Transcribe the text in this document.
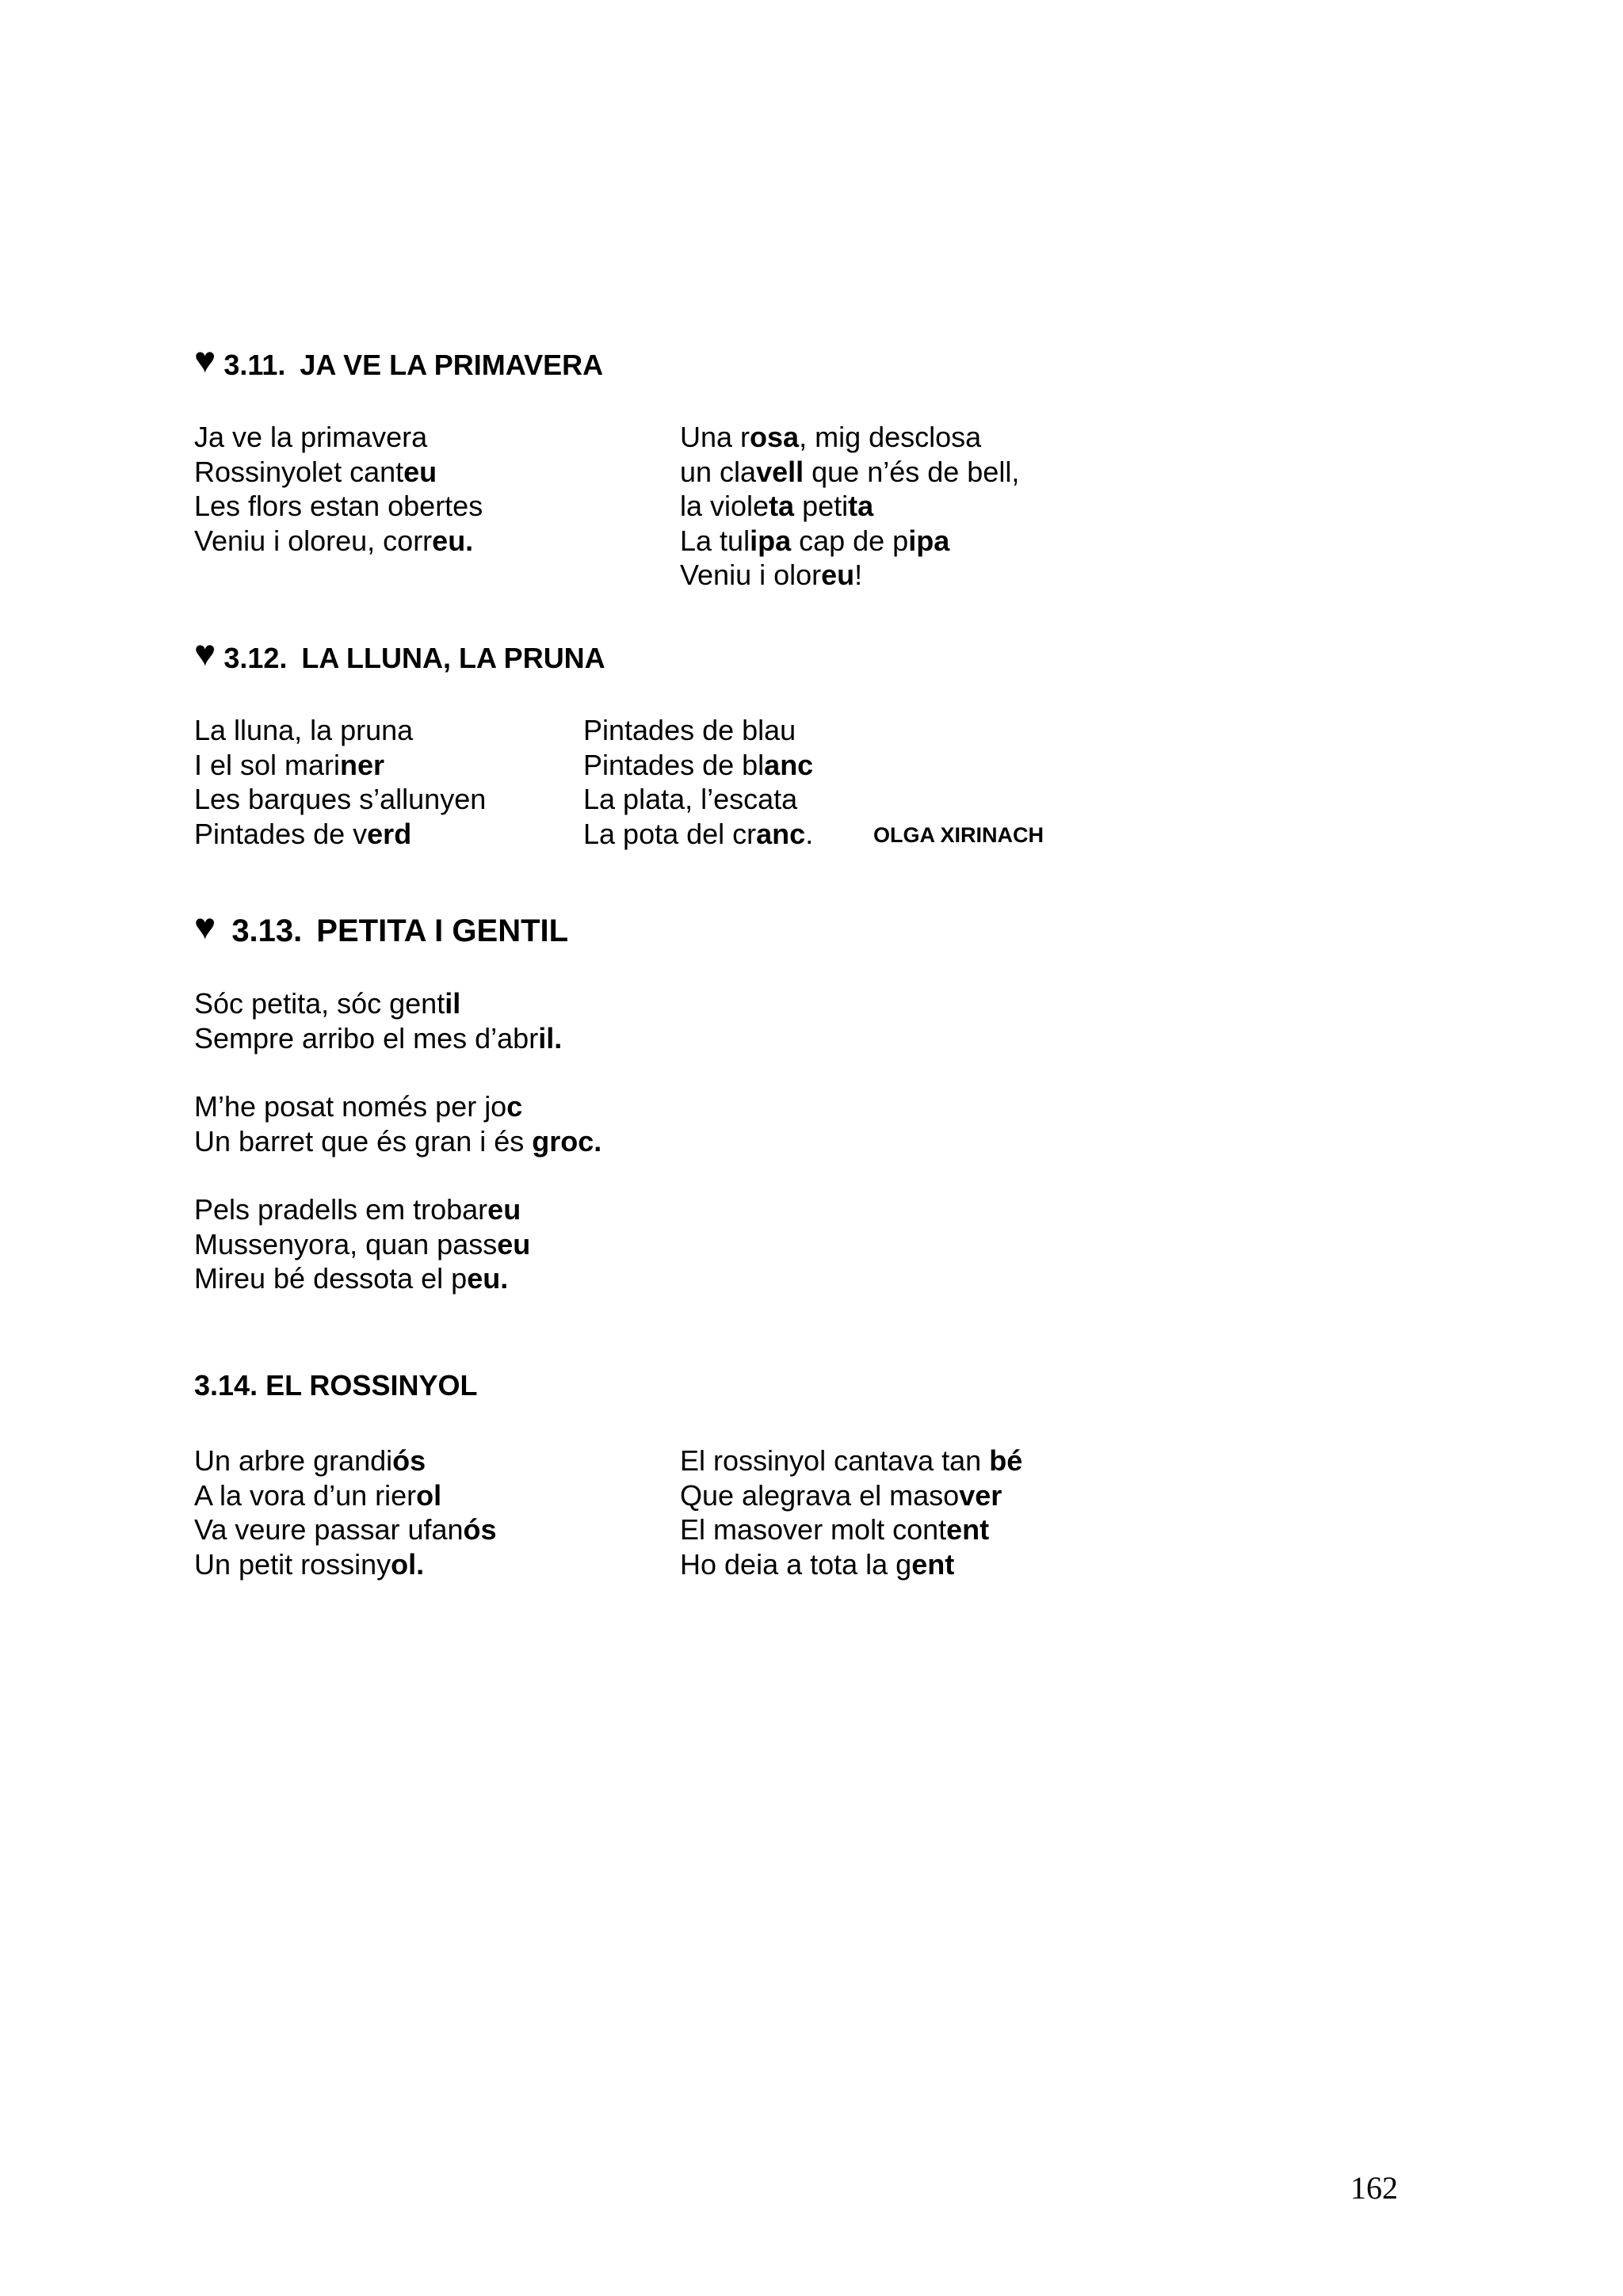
♥ 3.11. JA VE LA PRIMAVERA
Ja ve la primavera
Rossinyolet canteu
Les flors estan obertes
Veniu i oloreu, correu.
Una rosa, mig desclosa
un clavell que n’és de bell,
la violeta petita
La tulipa cap de pipa
Veniu i oloreu!
♥ 3.12. LA LLUNA, LA PRUNA
La lluna, la pruna
I el sol mariner
Les barques s’allunyen
Pintades de verd
Pintades de blau
Pintades de blanc
La plata, l’escata
La pota del cranc.	OLGA XIRINACH
♥ 3.13. PETITA I GENTIL
Sóc petita, sóc gentil
Sempre arribo el mes d’abril.
M’he posat només per joc
Un barret que és gran i és groc.
Pels pradells em trobareu
Mussenyora, quan passeu
Mireu bé dessota el peu.
3.14. EL ROSSINYOL
Un arbre grandiós
A la vora d’un rierol
Va veure passar ufanós
Un petit rossinyol.
El rossinyol cantava tan bé
Que alegrava el masover
El masover molt content
Ho deia a tota la gent
162
